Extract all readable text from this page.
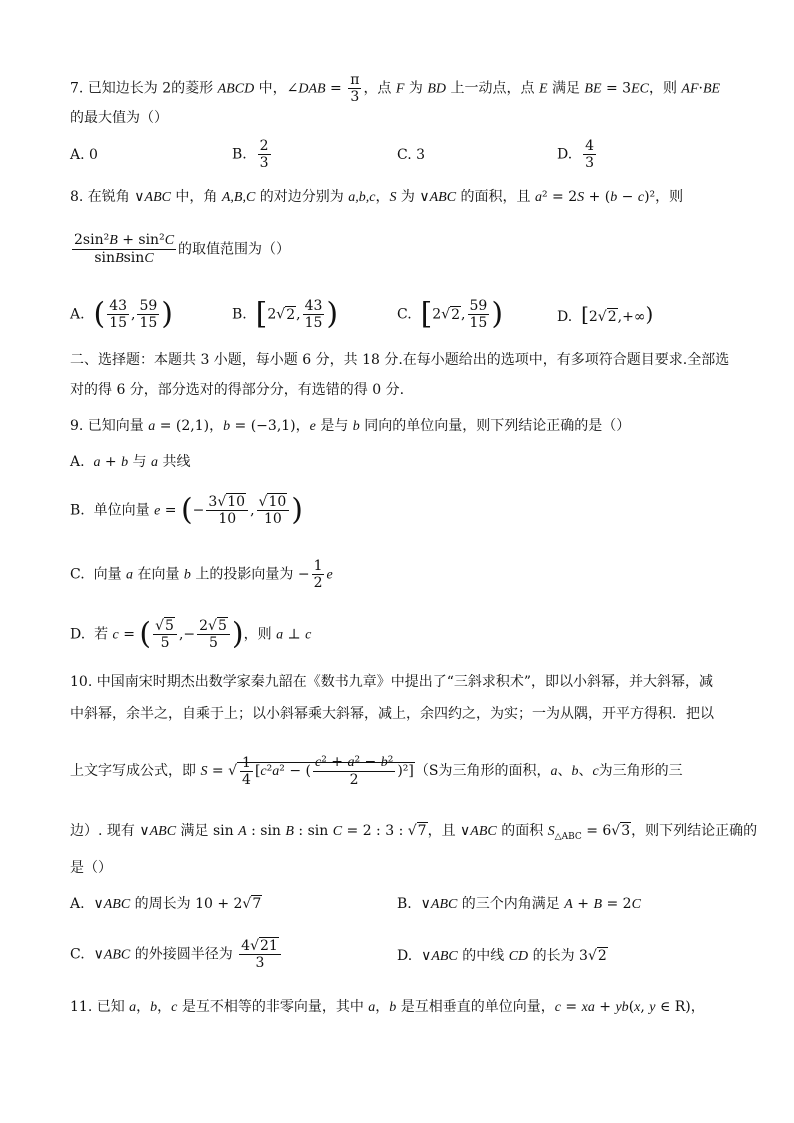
7. 已知边长为 2的菱形 ABCD 中，∠DAB = $\frac{\pi}{3}$ ，点 F 为 BD 上一动点，点 E 满足 BE = 3EC，则 AF·BE
的最大值为（）
A. 0	B. $\frac{2}{3}$	C. 3	D. $\frac{4}{3}$
8. 在锐角 ∨ABC 中，角 A,B,C 的对边分别为 a,b,c，S 为 ∨ABC 的面积，且 a² = 2S + (b − c)²，则
$\frac{\text{2sin²B + sin²C}}{\text{sinBsinC}}$ 的取值范围为（）
A.  ( $\frac{43}{15}$ , $\frac{59}{15}$ )	B.  [2√2, $\frac{43}{15}$ )	C.  [2√2, $\frac{59}{15}$ )	D.  [2√2,+∞)
二、选择题：本题共 3 小题，每小题 6 分，共 18 分.在每小题给出的选项中，有多项符合题目要求.全部选
对的得 6 分，部分选对的得部分分，有选错的得 0 分.
9. 已知向量 a = (2,1)，b = (−3,1)，e 是与 b 同向的单位向量，则下列结论正确的是（）
A.  a + b 与 a 共线
B.  单位向量 e = (− $\frac{3√10}{10}$ , $\frac{√10}{10}$ )
C.  向量 a 在向量 b 上的投影向量为 − $\frac{1}{2}$ e
D.  若 c = ( $\frac{√5}{5}$ ,− $\frac{2√5}{5}$ )，则 a ⊥ c
10. 中国南宋时期杰出数学家秦九韶在《数书九章》中提出了“三斜求积术”，即以小斜幂，并大斜幂，减
中斜幂，余半之，自乘于上；以小斜幂乘大斜幂，减上，余四约之，为实；一为从隅，开平方得积．把以
上文字写成公式，即 S = √ $\frac{1}{4} [c^2a^2$ − ( $\frac{\text{c² + a² − b²}}{2} )^2](S$为三角形的面积，a、b、c为三角形的三
边）. 现有 ∨ABC 满足 sin A : sin B : sin C = 2 : 3 : √7，且 ∨ABC 的面积 $S_{\triangle ABC} = 6√3$，则下列结论正确的
是（）
A.  ∨ABC 的周长为 10 + 2√7	B.  ∨ABC 的三个内角满足 A + B = 2C
C.  ∨ABC 的外接圆半径为 $\frac{4√21}{3}$	D.  ∨ABC 的中线 CD 的长为 3√2
11. 已知 a，b，c 是互不相等的非零向量，其中 a，b 是互相垂直的单位向量，c = xa + yb(x, y ∈ R)，
